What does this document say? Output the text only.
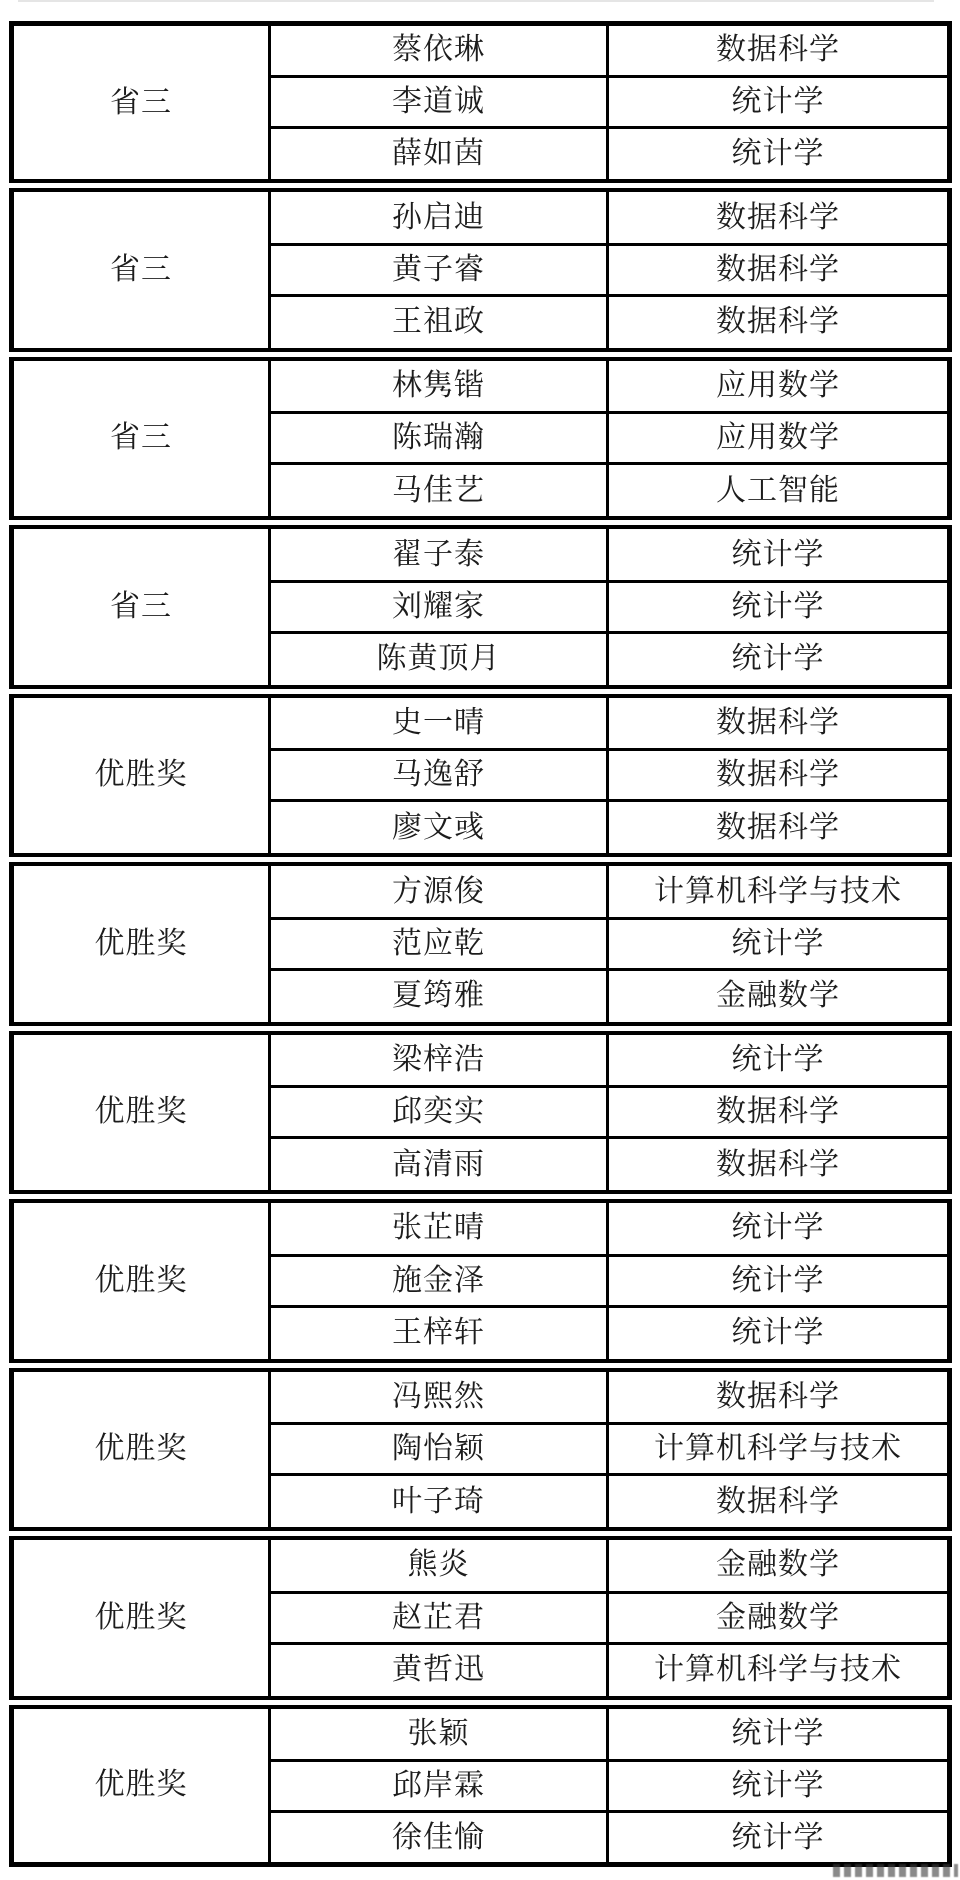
省三	蔡依琳	数据科学
	李道诚	统计学
	薛如茵	统计学
省三	孙启迪	数据科学
	黄子睿	数据科学
	王祖政	数据科学
省三	林隽锴	应用数学
	陈瑞瀚	应用数学
	马佳艺	人工智能
省三	翟子泰	统计学
	刘耀家	统计学
	陈黄顶月	统计学
优胜奖	史一晴	数据科学
	马逸舒	数据科学
	廖文彧	数据科学
优胜奖	方源俊	计算机科学与技术
	范应乾	统计学
	夏筠雅	金融数学
优胜奖	梁梓浩	统计学
	邱奕实	数据科学
	高清雨	数据科学
优胜奖	张芷晴	统计学
	施金泽	统计学
	王梓轩	统计学
优胜奖	冯熙然	数据科学
	陶怡颖	计算机科学与技术
	叶子琦	数据科学
优胜奖	熊炎	金融数学
	赵芷君	金融数学
	黄哲迅	计算机科学与技术
优胜奖	张颖	统计学
	邱岸霖	统计学
	徐佳愉	统计学
